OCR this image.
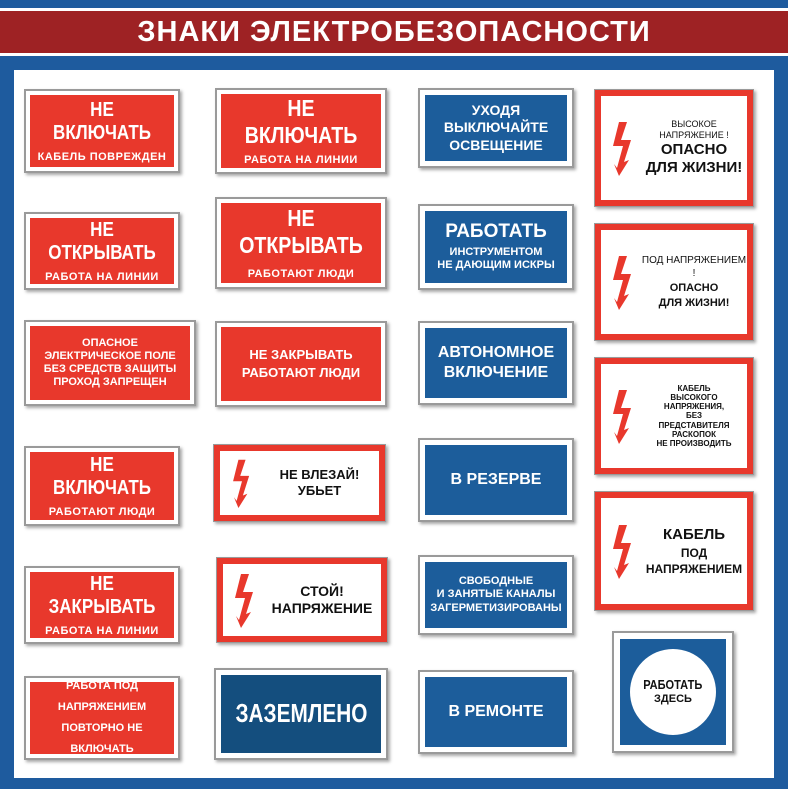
ЗНАКИ ЭЛЕКТРОБЕЗОПАСНОСТИ
НЕ ВКЛЮЧАТЬ
КАБЕЛЬ ПОВРЕЖДЕН
НЕ ОТКРЫВАТЬ
РАБОТА НА ЛИНИИ
ОПАСНОЕ
ЭЛЕКТРИЧЕСКОЕ ПОЛЕ
БЕЗ СРЕДСТВ ЗАЩИТЫ
ПРОХОД ЗАПРЕЩЕН
НЕ ВКЛЮЧАТЬ
РАБОТАЮТ ЛЮДИ
НЕ ЗАКРЫВАТЬ
РАБОТА НА ЛИНИИ
РАБОТА ПОД НАПРЯЖЕНИЕМ
ПОВТОРНО НЕ ВКЛЮЧАТЬ
НЕ ВКЛЮЧАТЬ
РАБОТА НА ЛИНИИ
НЕ ОТКРЫВАТЬ
РАБОТАЮТ ЛЮДИ
НЕ ЗАКРЫВАТЬ
РАБОТАЮТ ЛЮДИ
НЕ ВЛЕЗАЙ!
УБЬЕТ
СТОЙ!
НАПРЯЖЕНИЕ
ЗАЗЕМЛЕНО
УХОДЯ
ВЫКЛЮЧАЙТЕ
ОСВЕЩЕНИЕ
РАБОТАТЬ
ИНСТРУМЕНТОМ
НЕ ДАЮЩИМ ИСКРЫ
АВТОНОМНОЕ
ВКЛЮЧЕНИЕ
В РЕЗЕРВЕ
СВОБОДНЫЕ
И ЗАНЯТЫЕ КАНАЛЫ
ЗАГЕРМЕТИЗИРОВАНЫ
В РЕМОНТЕ
ВЫСОКОЕ
НАПРЯЖЕНИЕ !
ОПАСНО
ДЛЯ ЖИЗНИ!
ПОД НАПРЯЖЕНИЕМ !
ОПАСНО
ДЛЯ ЖИЗНИ!
КАБЕЛЬ
ВЫСОКОГО
НАПРЯЖЕНИЯ,
БЕЗ
ПРЕДСТАВИТЕЛЯ
РАСКОПОК
НЕ ПРОИЗВОДИТЬ
КАБЕЛЬ
ПОД
НАПРЯЖЕНИЕМ
РАБОТАТЬ
ЗДЕСЬ
